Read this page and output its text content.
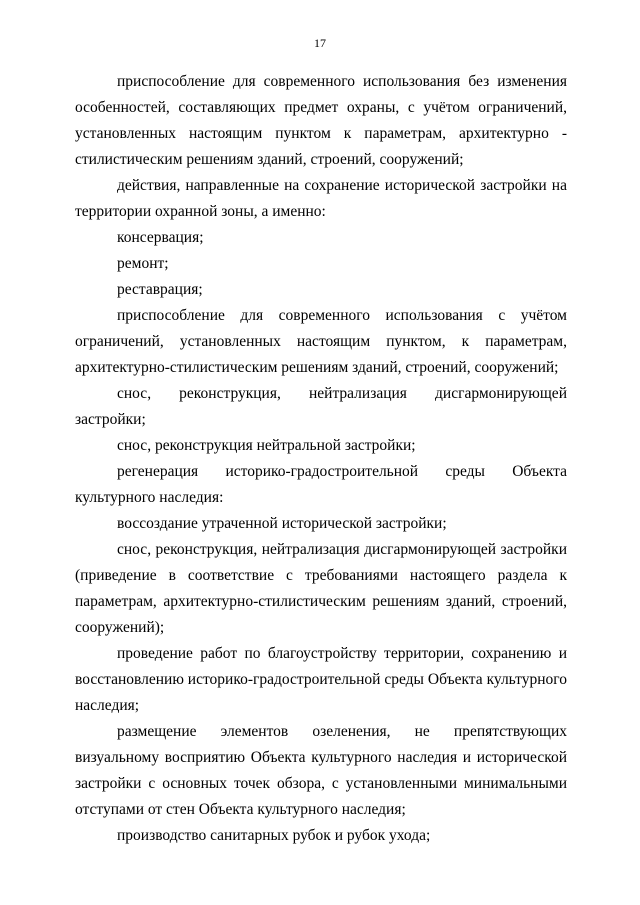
17

приспособление для современного использования без изменения особенностей, составляющих предмет охраны, с учётом ограничений, установленных настоящим пунктом к параметрам, архитектурно - стилистическим решениям зданий, строений, сооружений;

действия, направленные на сохранение исторической застройки на территории охранной зоны, а именно:

консервация;

ремонт;

реставрация;

приспособление для современного использования с учётом ограничений, установленных настоящим пунктом, к параметрам, архитектурно-стилистическим решениям зданий, строений, сооружений;

снос, реконструкция, нейтрализация дисгармонирующей застройки;

снос, реконструкция нейтральной застройки;

регенерация историко-градостроительной среды Объекта культурного наследия:

воссоздание утраченной исторической застройки;

снос, реконструкция, нейтрализация дисгармонирующей застройки (приведение в соответствие с требованиями настоящего раздела к параметрам, архитектурно-стилистическим решениям зданий, строений, сооружений);

проведение работ по благоустройству территории, сохранению и восстановлению историко-градостроительной среды Объекта культурного наследия;

размещение элементов озеленения, не препятствующих визуальному восприятию Объекта культурного наследия и исторической застройки с основных точек обзора, с установленными минимальными отступами от стен Объекта культурного наследия;

производство санитарных рубок и рубок ухода;
